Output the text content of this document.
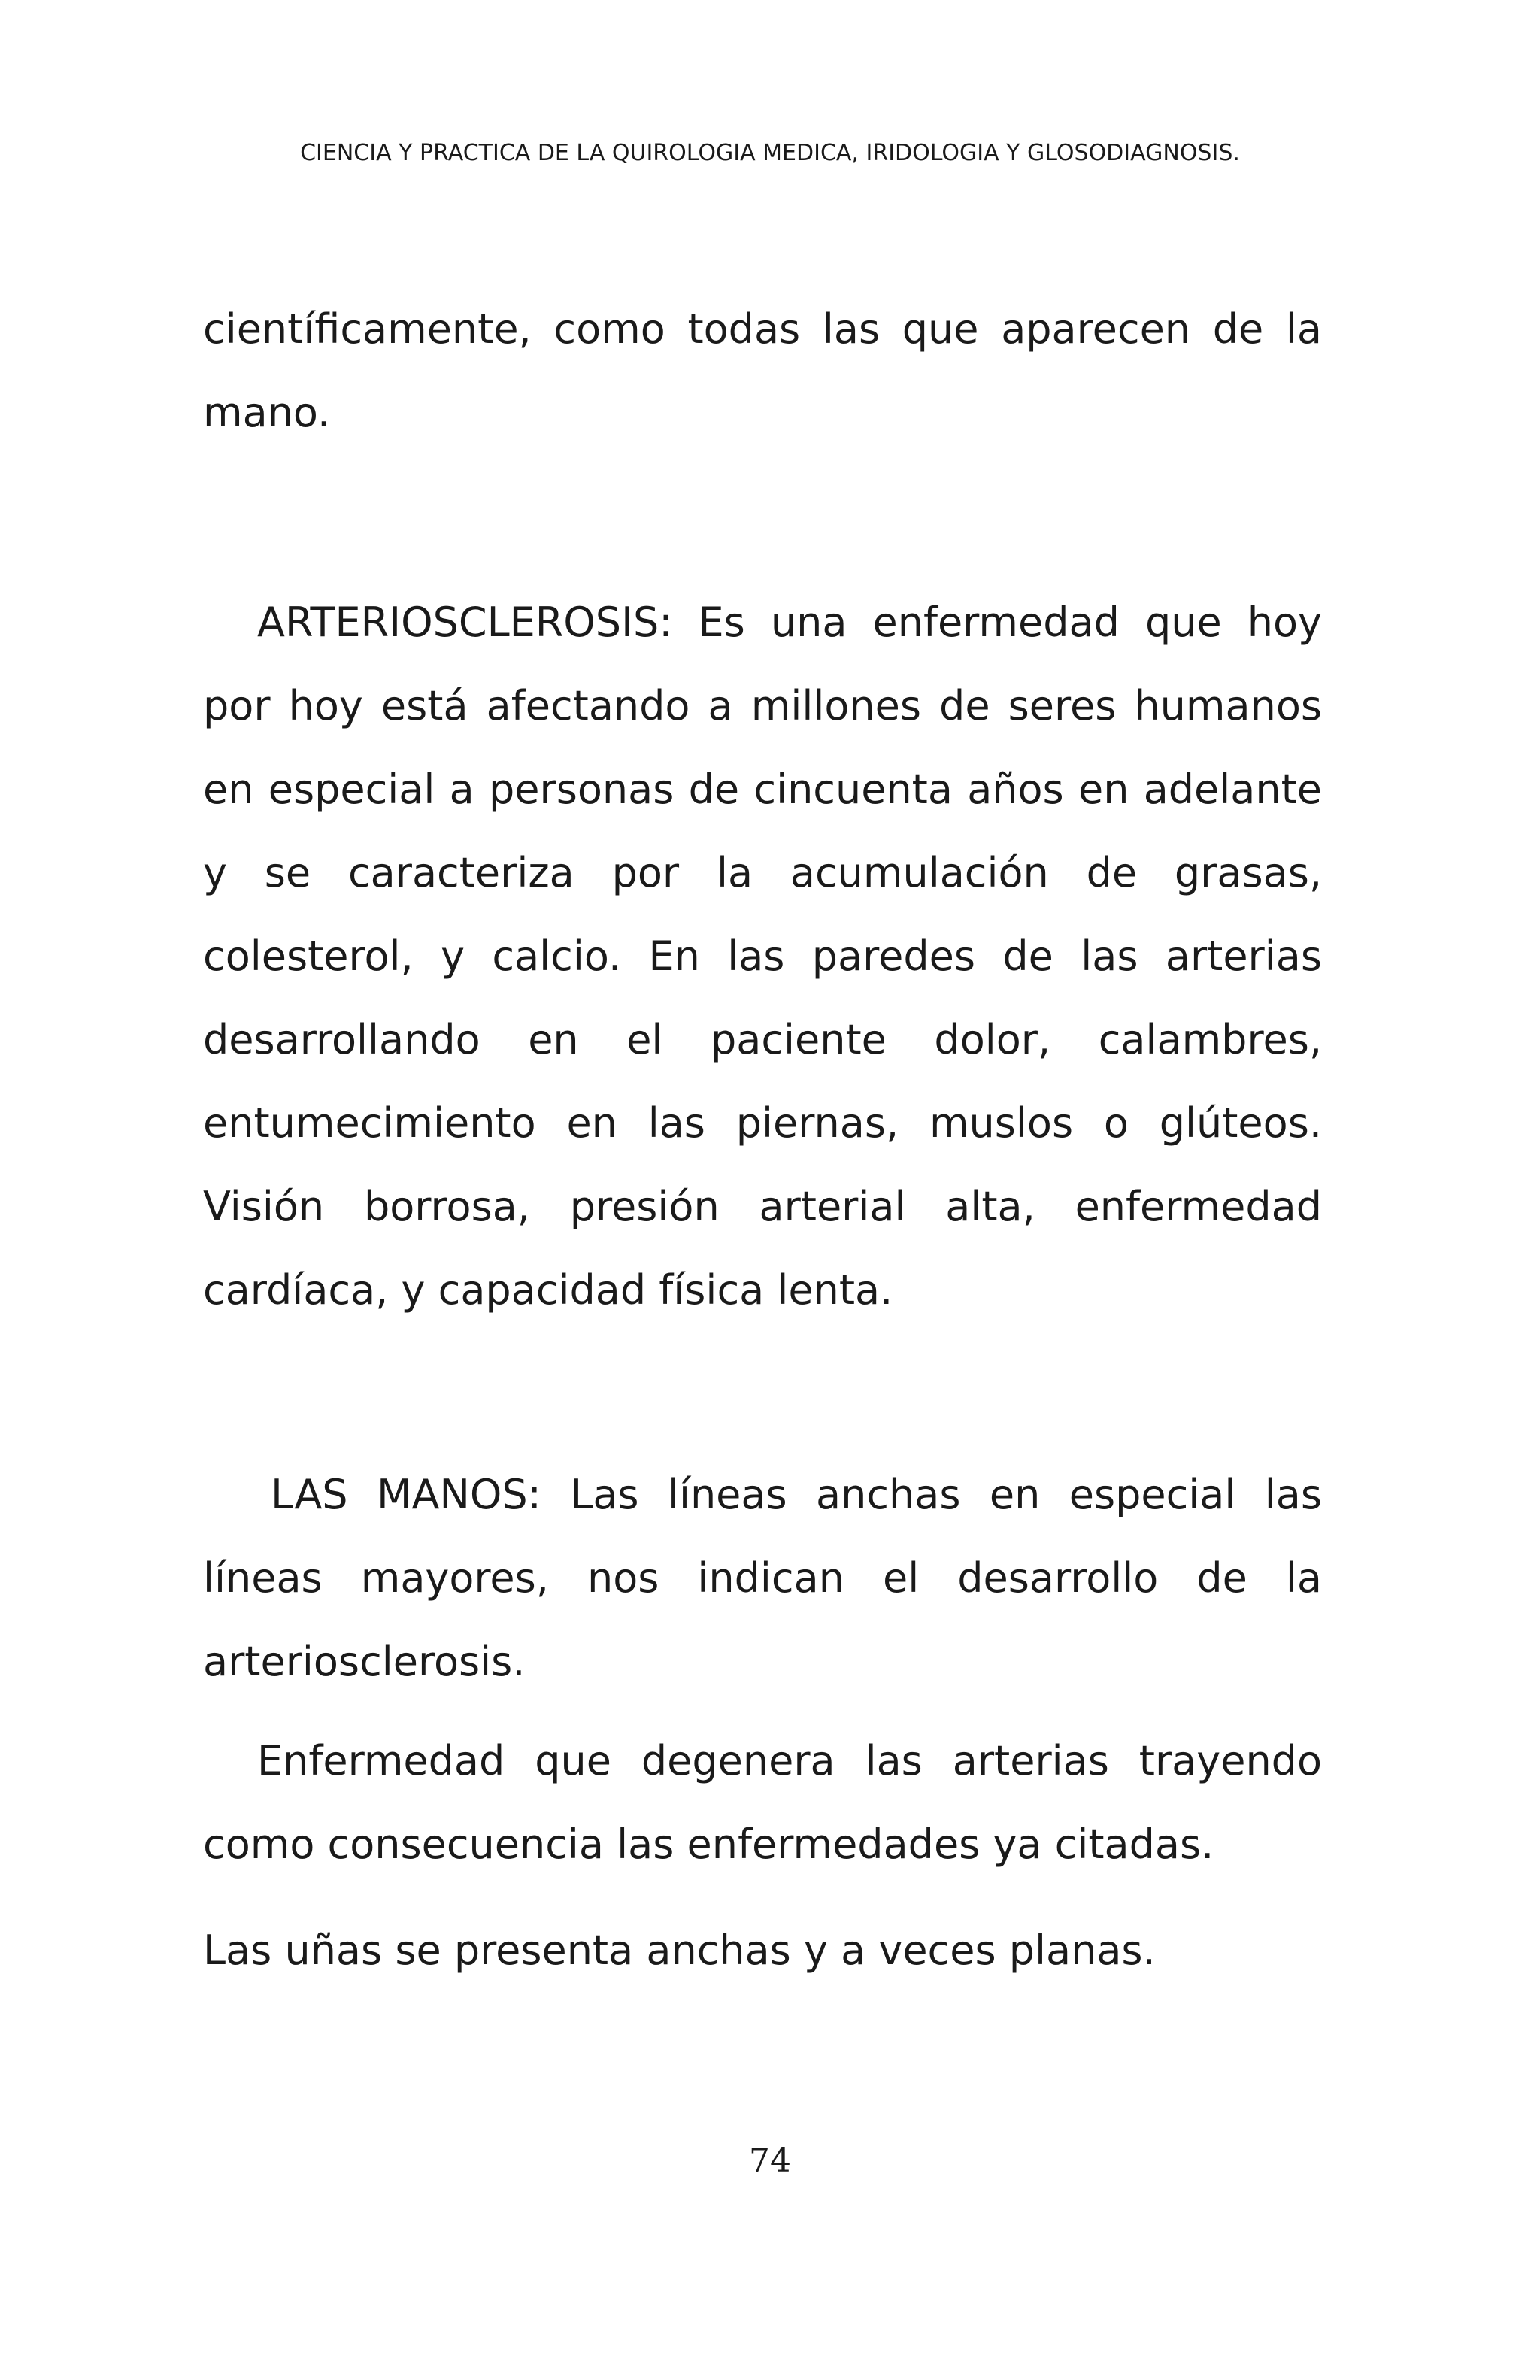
CIENCIA Y PRACTICA DE LA QUIROLOGIA MEDICA, IRIDOLOGIA Y GLOSODIAGNOSIS.

científicamente, como todas las que aparecen de la mano.

ARTERIOSCLEROSIS: Es una enfermedad que hoy por hoy está afectando a millones de seres humanos en especial a personas de cincuenta años en adelante y se caracteriza por la acumulación de grasas, colesterol, y calcio. En las paredes de las arterias desarrollando en el paciente dolor, calambres, entumecimiento en las piernas, muslos o glúteos. Visión borrosa, presión arterial alta, enfermedad cardíaca, y capacidad física lenta.

LAS MANOS: Las líneas anchas en especial las líneas mayores, nos indican el desarrollo de la arteriosclerosis.

Enfermedad que degenera las arterias trayendo como consecuencia las enfermedades ya citadas.

Las uñas se presenta anchas y a veces planas.

74
